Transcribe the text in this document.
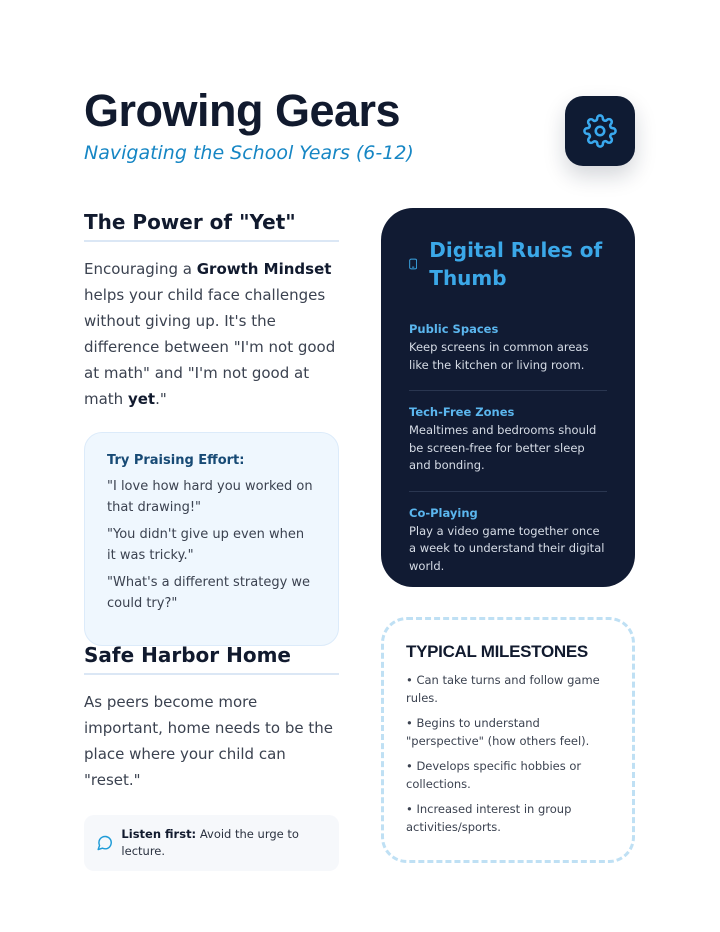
Growing Gears
Navigating the School Years (6-12)
The Power of "Yet"

Encouraging a Growth Mindset helps your child face challenges without giving up. It's the difference between "I'm not good at math" and "I'm not good at math yet."

Try Praising Effort:

"I love how hard you worked on that drawing!"

"You didn't give up even when it was tricky."

"What's a different strategy we could try?"

Safe Harbor Home

As peers become more important, home needs to be the place where your child can "reset."

Listen first: Avoid the urge to lecture.
Digital Rules of Thumb
Public Spaces
Keep screens in common areas like the kitchen or living room.
Tech-Free Zones
Mealtimes and bedrooms should be screen-free for better sleep and bonding.
Co-Playing
Play a video game together once a week to understand their digital world.
TYPICAL MILESTONES
• Can take turns and follow game rules.
• Begins to understand "perspective" (how others feel).
• Develops specific hobbies or collections.
• Increased interest in group activities/sports.
